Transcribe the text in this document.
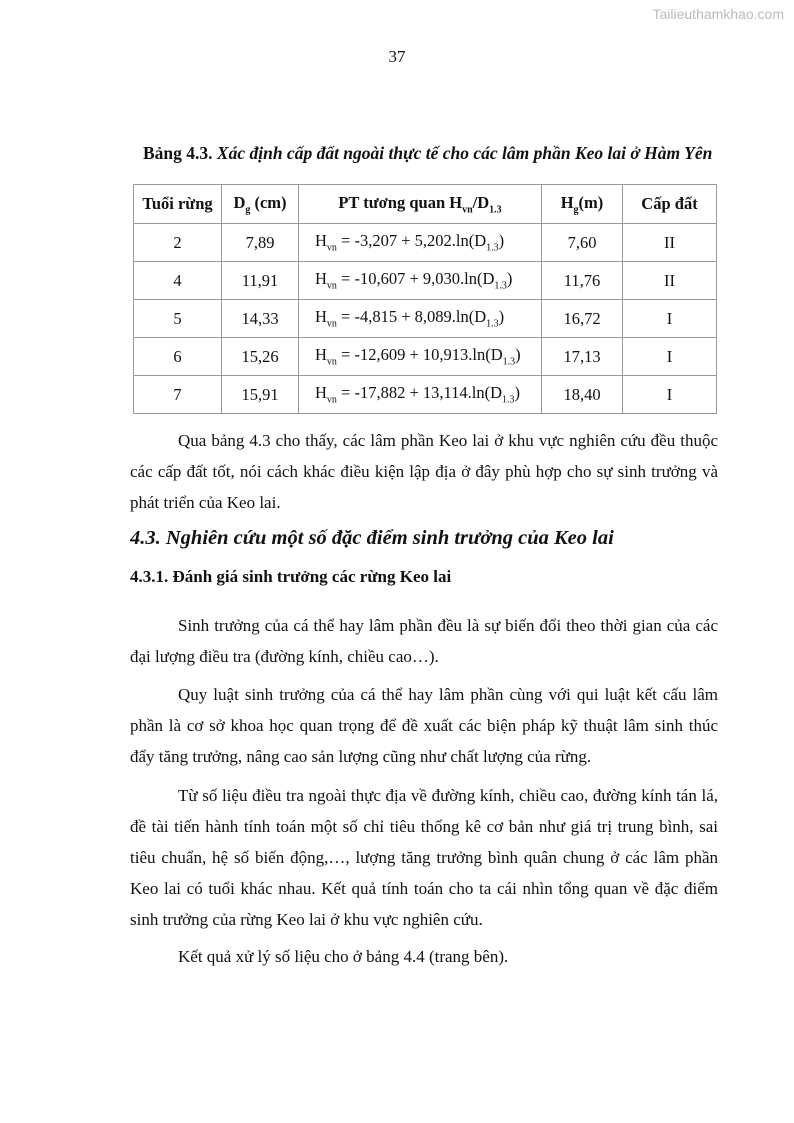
Tailieuthamkhao.com
37
Bảng 4.3. Xác định cấp đất ngoài thực tế cho các lâm phần Keo lai ở Hàm Yên
Tuổi rừng	$D_g$ (cm)	PT tương quan $H_{vn}/D_{1.3}$	$H_g(m)$	Cấp đất
2	7,89	$H_{vn} = -3,207 + 5,202.\ln(D_{1.3})$	7,60	II
4	11,91	$H_{vn} = -10,607 + 9,030.\ln(D_{1.3})$	11,76	II
5	14,33	$H_{vn} = -4,815 + 8,089.\ln(D_{1.3})$	16,72	I
6	15,26	$H_{vn} = -12,609 + 10,913.\ln(D_{1.3})$	17,13	I
7	15,91	$H_{vn} = -17,882 + 13,114.\ln(D_{1.3})$	18,40	I

Qua bảng 4.3 cho thấy, các lâm phần Keo lai ở khu vực nghiên cứu đều thuộc các cấp đất tốt, nói cách khác điều kiện lập địa ở đây phù hợp cho sự sinh trưởng và phát triển của Keo lai.

4.3. Nghiên cứu một số đặc điểm sinh trưởng của Keo lai
4.3.1. Đánh giá sinh trưởng các rừng Keo lai

Sinh trưởng của cá thể hay lâm phần đều là sự biến đổi theo thời gian của các đại lượng điều tra (đường kính, chiều cao…).

Quy luật sinh trưởng của cá thể hay lâm phần cùng với qui luật kết cấu lâm phần là cơ sở khoa học quan trọng để đề xuất các biện pháp kỹ thuật lâm sinh thúc đẩy tăng trưởng, nâng cao sản lượng cũng như chất lượng của rừng.

Từ số liệu điều tra ngoài thực địa về đường kính, chiều cao, đường kính tán lá, đề tài tiến hành tính toán một số chỉ tiêu thống kê cơ bản như giá trị trung bình, sai tiêu chuẩn, hệ số biến động,…, lượng tăng trưởng bình quân chung ở các lâm phần Keo lai có tuổi khác nhau. Kết quả tính toán cho ta cái nhìn tổng quan về đặc điểm sinh trưởng của rừng Keo lai ở khu vực nghiên cứu.

Kết quả xử lý số liệu cho ở bảng 4.4 (trang bên).
